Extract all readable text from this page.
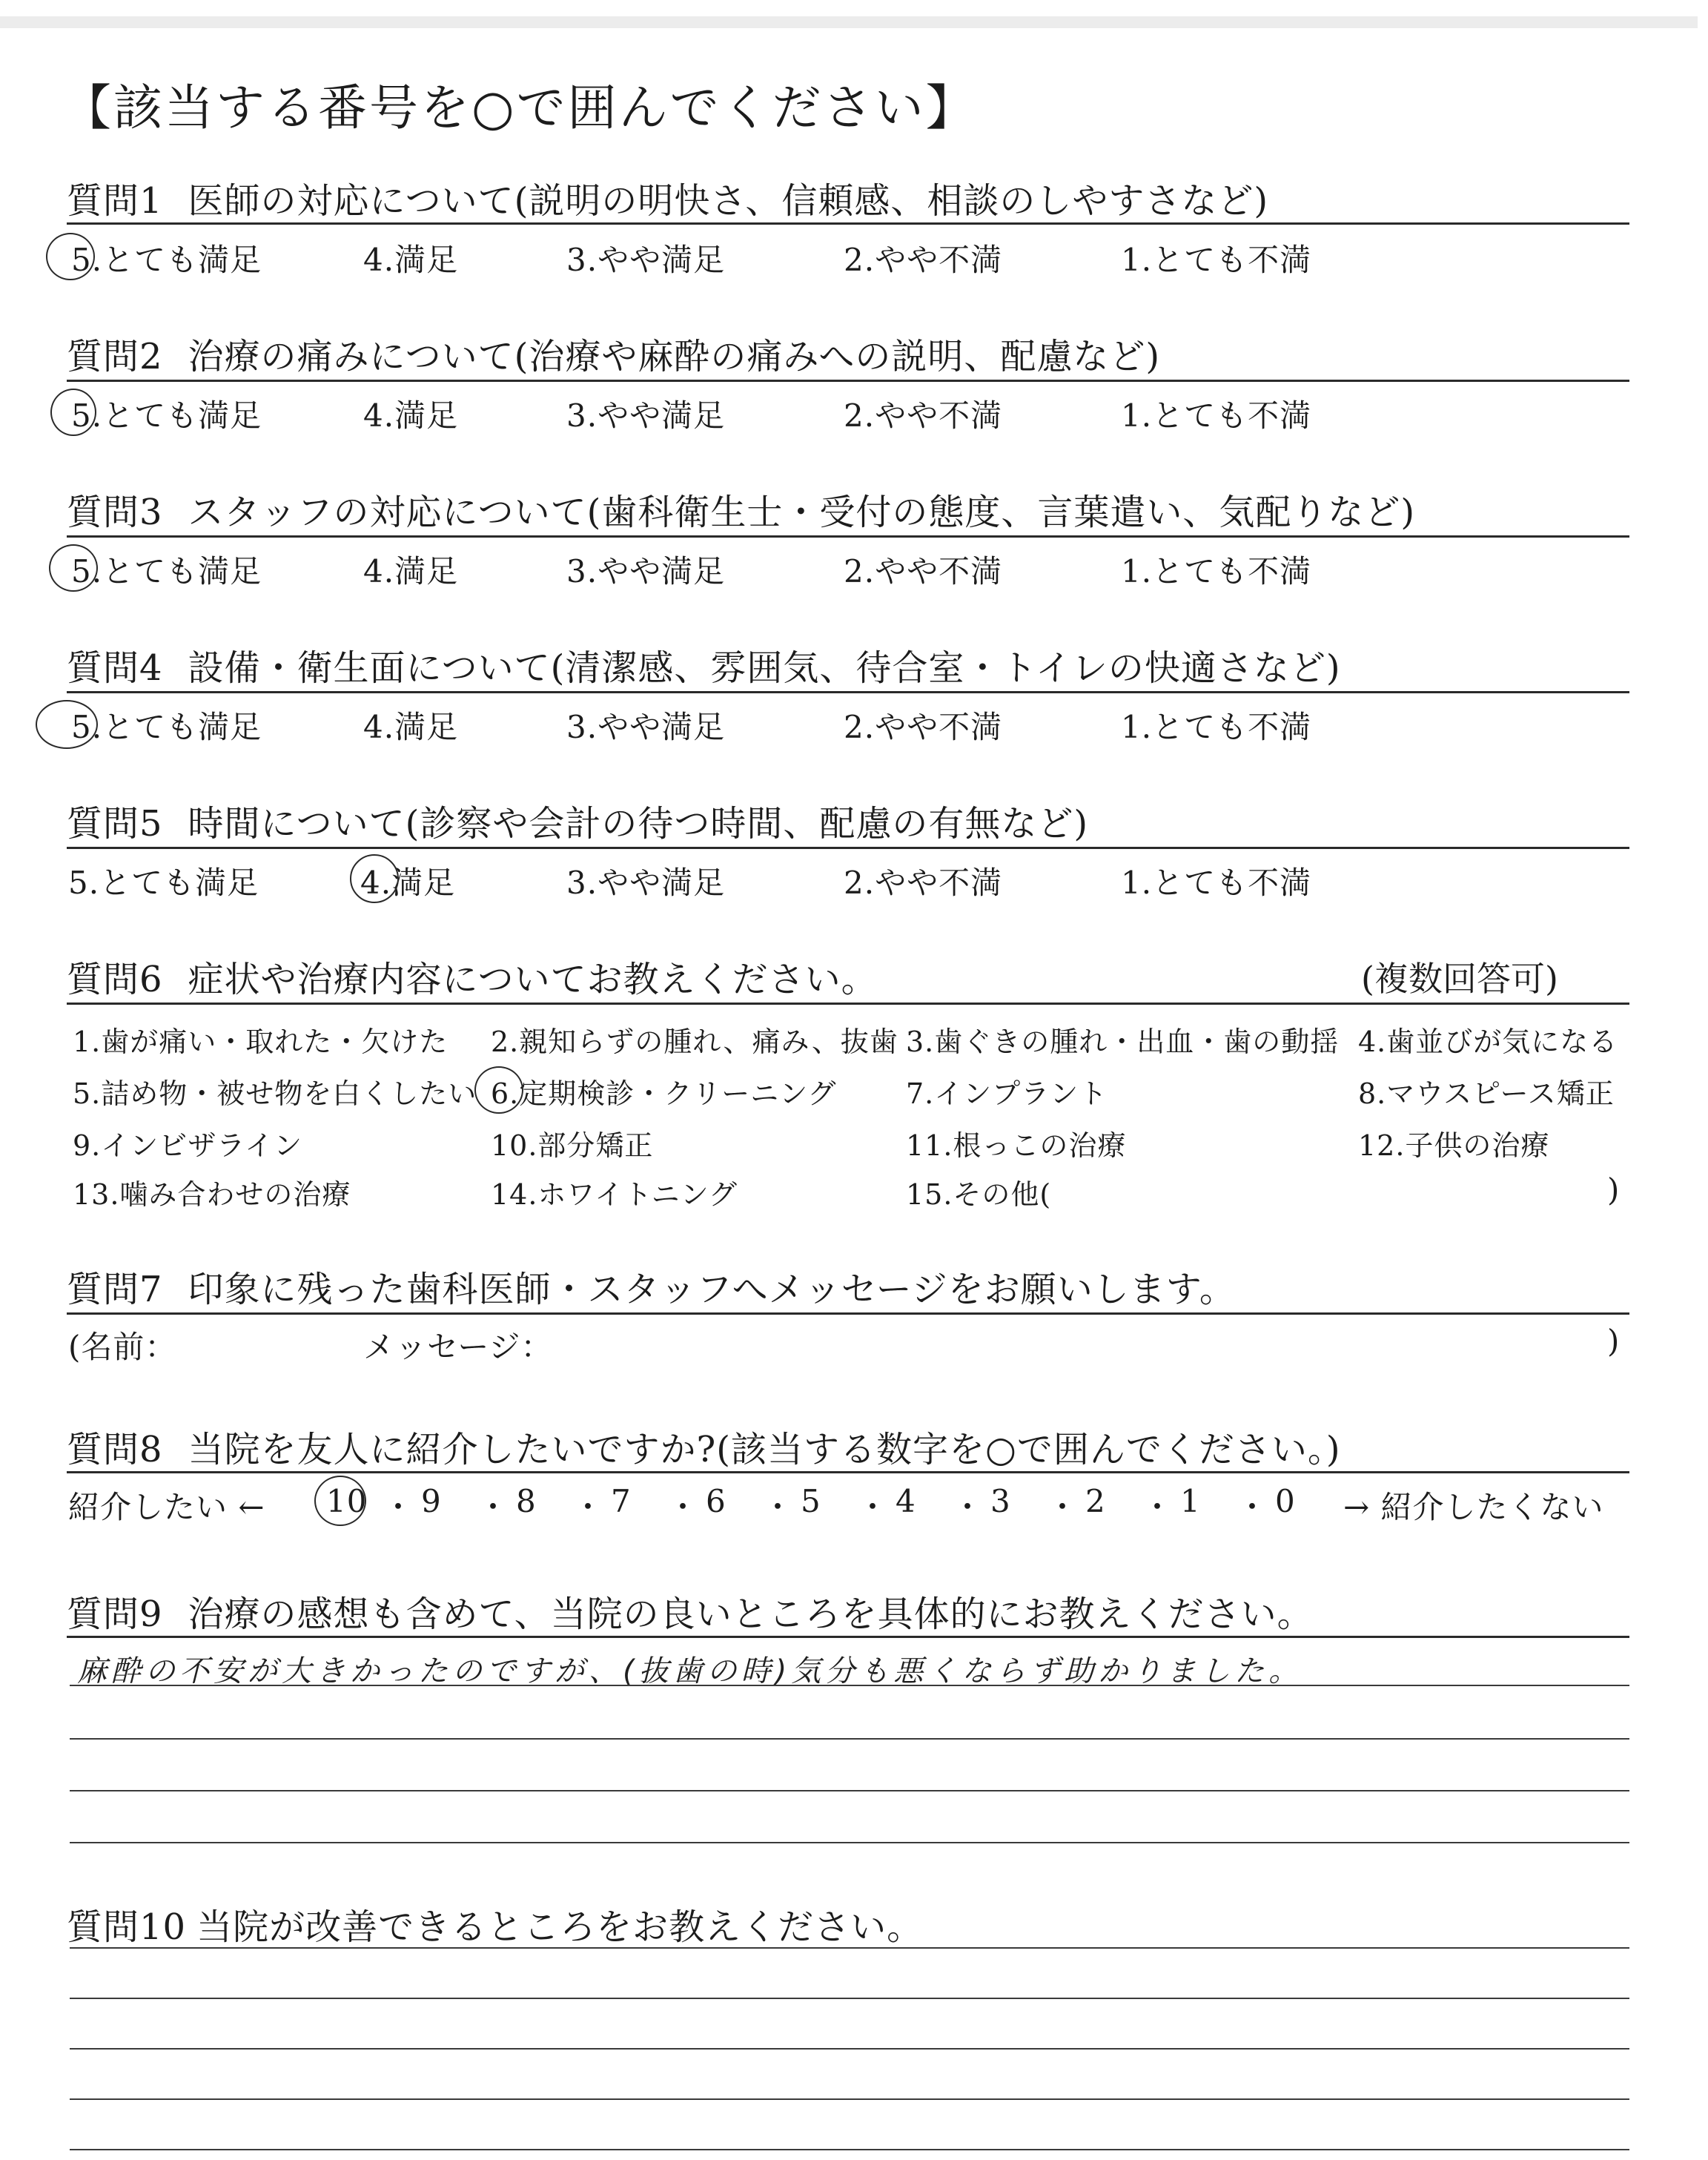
【該当する番号を○で囲んでください】
質問1 医師の対応について(説明の明快さ、信頼感、相談のしやすさなど)
5.とても満足	4.満足	3.やや満足	2.やや不満	1.とても不満
質問2 治療の痛みについて(治療や麻酔の痛みへの説明、配慮など)
5.とても満足	4.満足	3.やや満足	2.やや不満	1.とても不満
質問3 スタッフの対応について(歯科衛生士・受付の態度、言葉遣い、気配りなど)
5.とても満足	4.満足	3.やや満足	2.やや不満	1.とても不満
質問4 設備・衛生面について(清潔感、雰囲気、待合室・トイレの快適さなど)
5.とても満足	4.満足	3.やや満足	2.やや不満	1.とても不満
質問5 時間について(診察や会計の待つ時間、配慮の有無など)
5.とても満足	4.満足	3.やや満足	2.やや不満	1.とても不満
質問6 症状や治療内容についてお教えください。	(複数回答可)
1.歯が痛い・取れた・欠けた 2.親知らずの腫れ、痛み、抜歯 3.歯ぐきの腫れ・出血・歯の動揺 4.歯並びが気になる
5.詰め物・被せ物を白くしたい 6.定期検診・クリーニング 7.インプラント	8.マウスピース矯正
9.インビザライン	10.部分矯正	11.根っこの治療	12.子供の治療
13.噛み合わせの治療	14.ホワイトニング	15.その他(	)
質問7 印象に残った歯科医師・スタッフへメッセージをお願いします。
(名前：	メッセージ：	)
質問8 当院を友人に紹介したいですか?(該当する数字を○で囲んでください。)
紹介したい ← 10 ・ 9 ・ 8 ・ 7 ・ 6 ・ 5 ・ 4 ・ 3 ・ 2 ・ 1 ・ 0 → 紹介したくない
質問9 治療の感想も含めて、当院の良いところを具体的にお教えください。
麻酔の不安が大きかったのですが、(抜歯の時)気分も悪くならず助かりました。
質問10 当院が改善できるところをお教えください。
